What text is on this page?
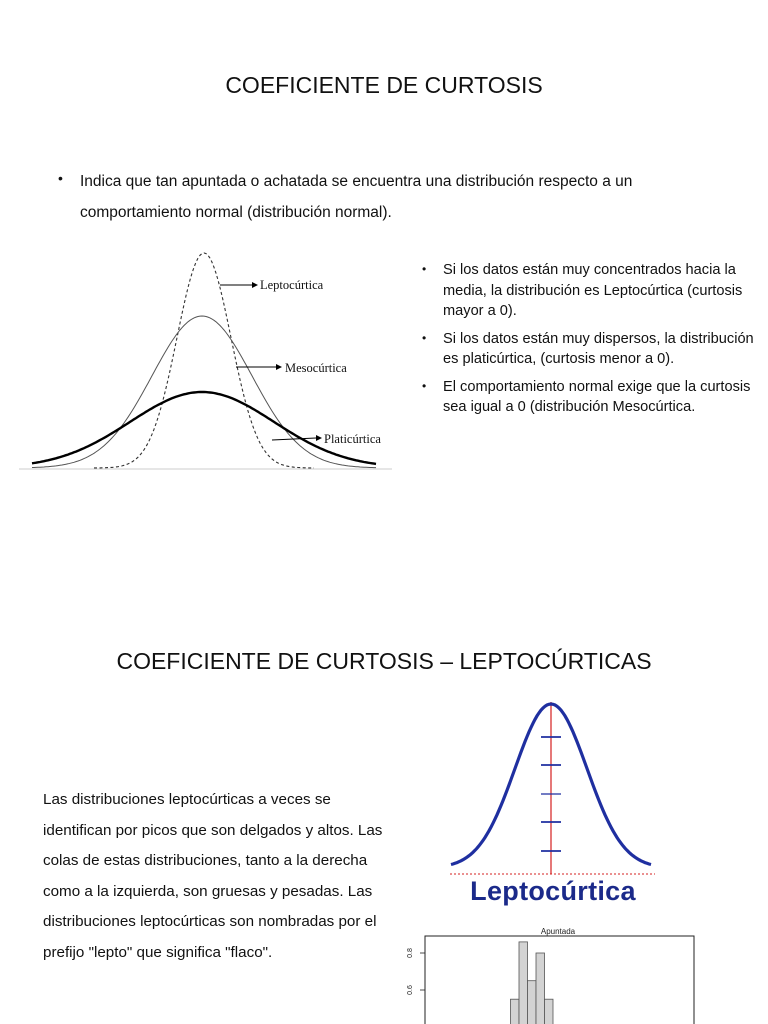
COEFICIENTE DE CURTOSIS
•	Indica que tan apuntada o achatada se encuentra una distribución respecto a un comportamiento normal (distribución normal).
Leptocúrtica
Mesocúrtica
Platicúrtica
•	Si los datos están muy concentrados hacia la media, la distribución es Leptocúrtica (curtosis mayor a 0).
•	Si los datos están muy dispersos, la distribución es platicúrtica, (curtosis menor a 0).
•	El comportamiento normal exige que la curtosis sea igual a 0 (distribución Mesocúrtica.
COEFICIENTE DE CURTOSIS – LEPTOCÚRTICAS
Las distribuciones leptocúrticas a veces se identifican por picos que son delgados y altos. Las colas de estas distribuciones, tanto a la derecha como a la izquierda, son gruesas y pesadas. Las distribuciones leptocúrticas son nombradas por el prefijo "lepto" que significa "flaco".
Leptocúrtica
Apuntada
0.8
0.6
